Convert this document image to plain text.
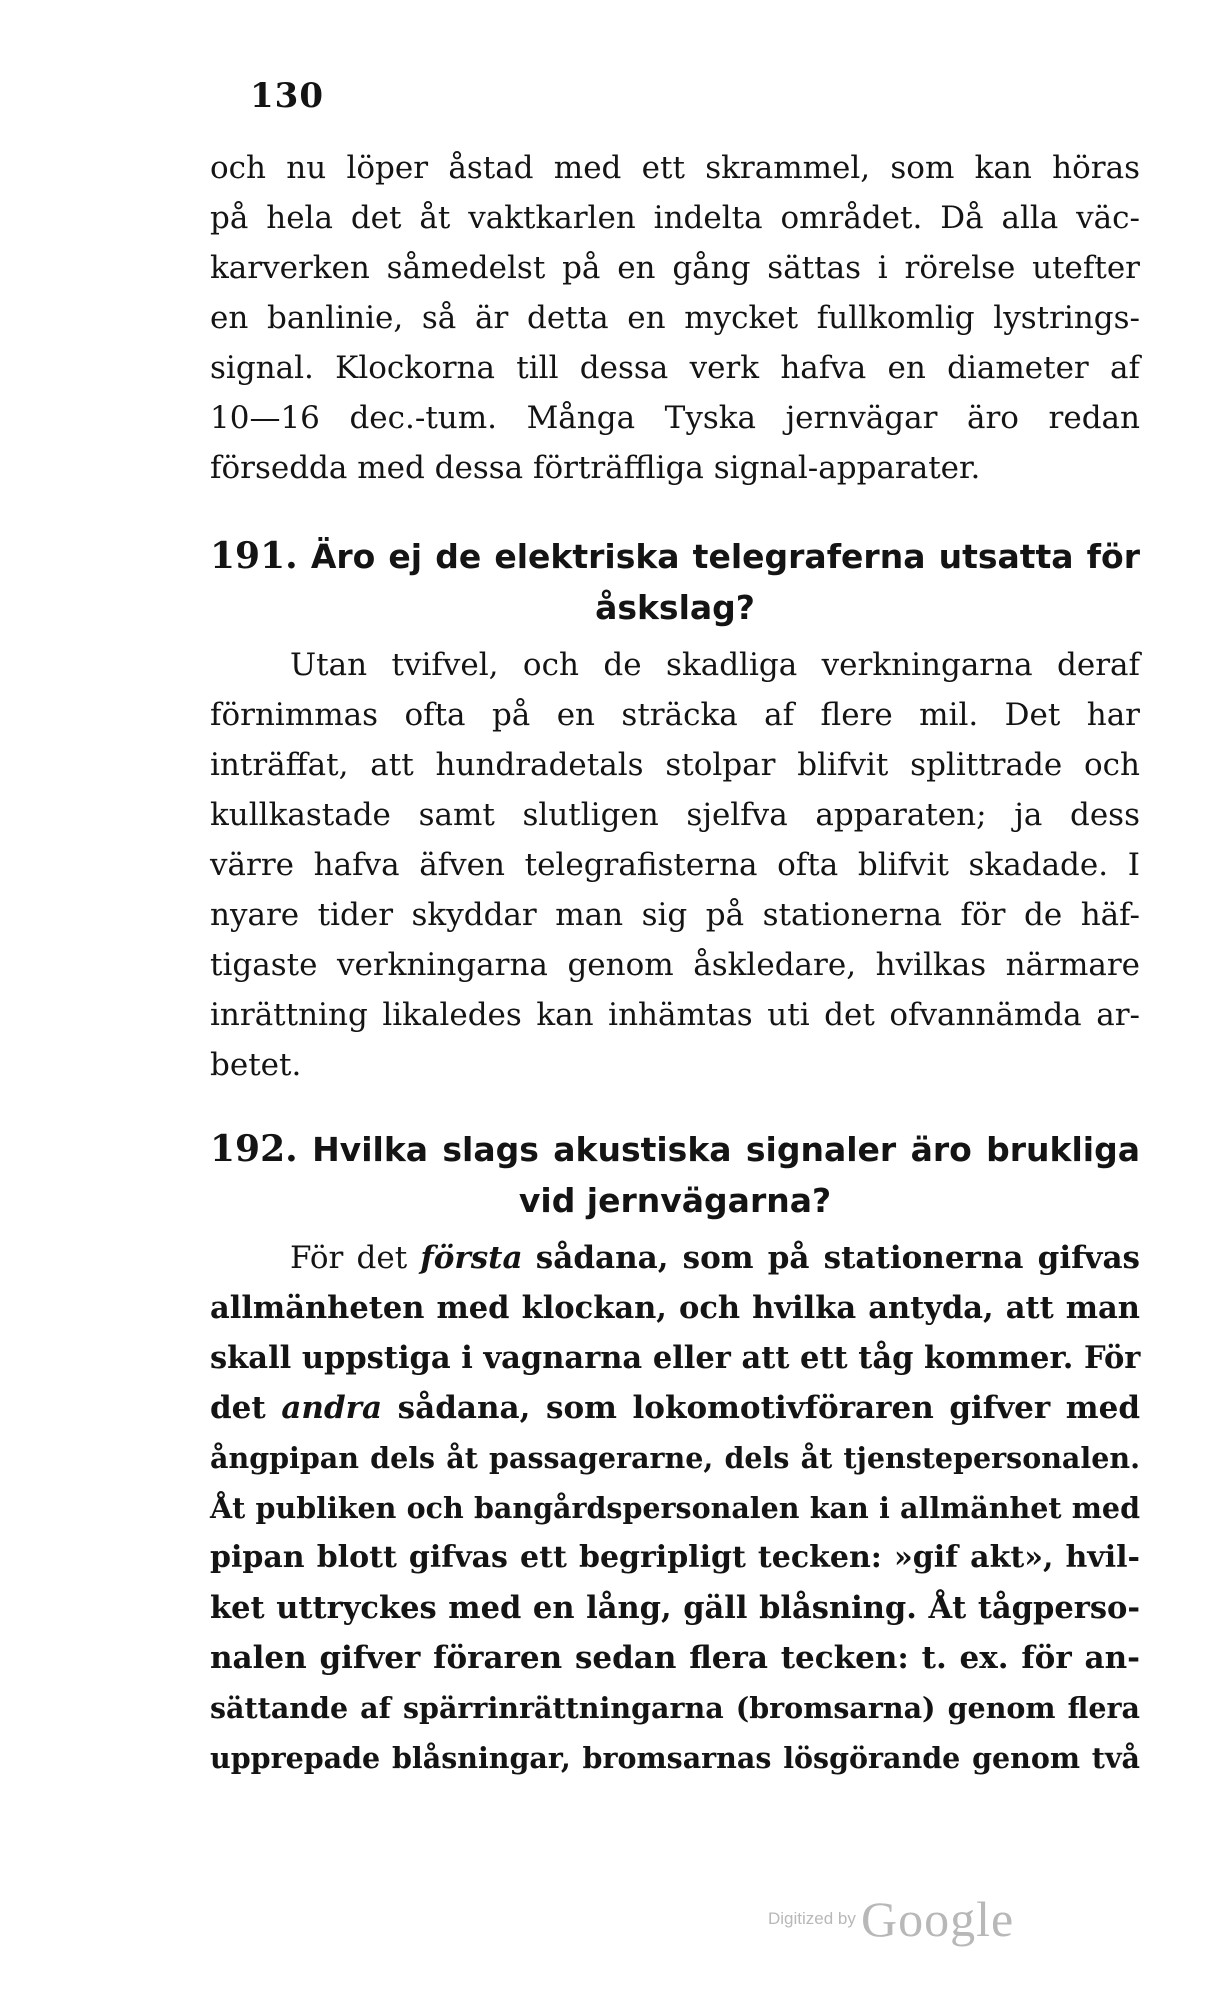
130
och nu löper åstad med ett skrammel, som kan höras
på hela det åt vaktkarlen indelta området. Då alla väc-
karverken såmedelst på en gång sättas i rörelse utefter
en banlinie, så är detta en mycket fullkomlig lystrings-
signal. Klockorna till dessa verk hafva en diameter af
10—16 dec.-tum. Många Tyska jernvägar äro redan
försedda med dessa förträffliga signal-apparater.
191. Äro ej de elektriska telegraferna utsatta för
åskslag?
Utan tvifvel, och de skadliga verkningarna deraf
förnimmas ofta på en sträcka af flere mil. Det har
inträffat, att hundradetals stolpar blifvit splittrade och
kullkastade samt slutligen sjelfva apparaten; ja dess
värre hafva äfven telegrafisterna ofta blifvit skadade. I
nyare tider skyddar man sig på stationerna för de häf-
tigaste verkningarna genom åskledare, hvilkas närmare
inrättning likaledes kan inhämtas uti det ofvannämda ar-
betet.
192. Hvilka slags akustiska signaler äro brukliga
vid jernvägarna?
För det första sådana, som på stationerna gifvas
allmänheten med klockan, och hvilka antyda, att man
skall uppstiga i vagnarna eller att ett tåg kommer. För
det andra sådana, som lokomotivföraren gifver med
ångpipan dels åt passagerarne, dels åt tjenstepersonalen.
Åt publiken och bangårdspersonalen kan i allmänhet med
pipan blott gifvas ett begripligt tecken: »gif akt», hvil-
ket uttryckes med en lång, gäll blåsning. Åt tågperso-
nalen gifver föraren sedan flera tecken: t. ex. för an-
sättande af spärrinrättningarna (bromsarna) genom flera
upprepade blåsningar, bromsarnas lösgörande genom två
Digitized by Google
